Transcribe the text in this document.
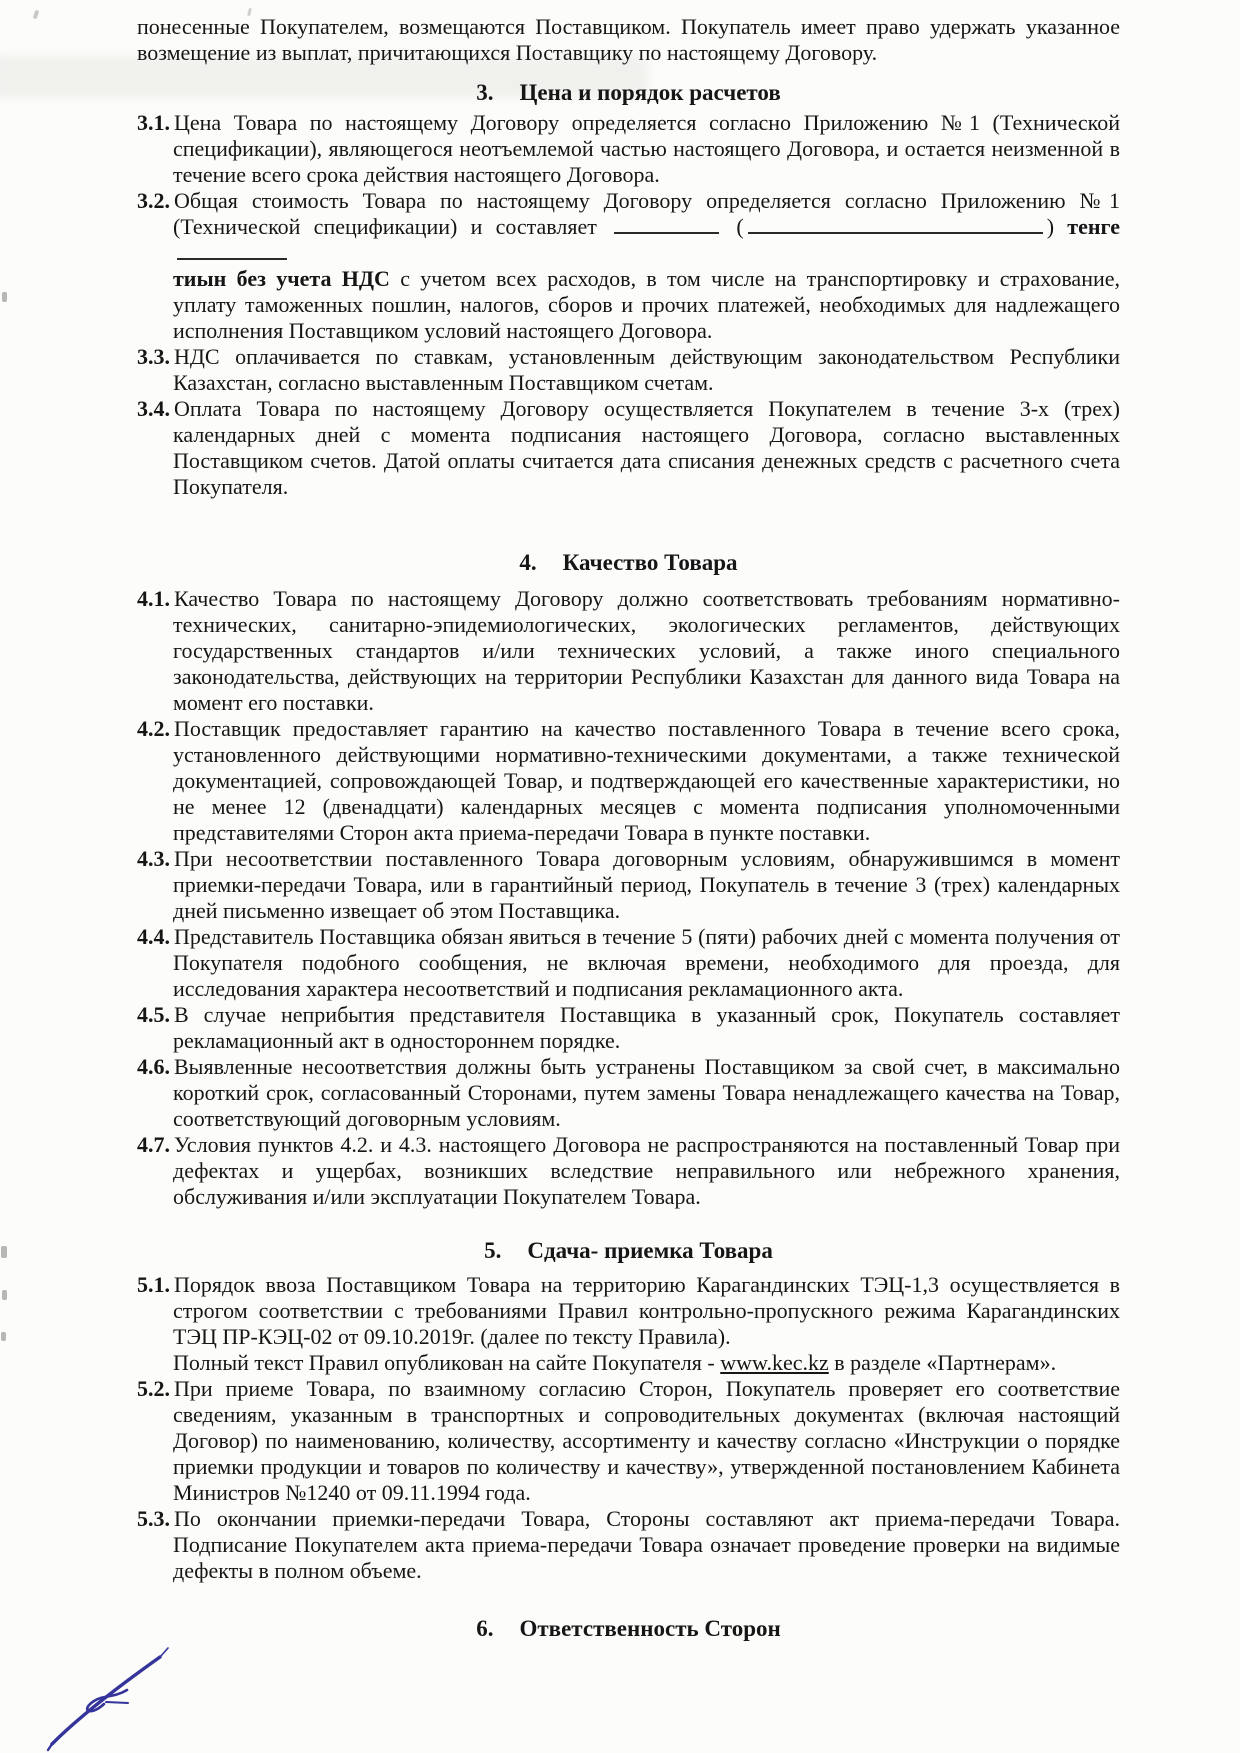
понесенные Покупателем, возмещаются Поставщиком. Покупатель имеет право удержать указанное возмещение из выплат, причитающихся Поставщику по настоящему Договору.

3. Цена и порядок расчетов
3.1. Цена Товара по настоящему Договору определяется согласно Приложению №1 (Технической спецификации), являющегося неотъемлемой частью настоящего Договора, и остается неизменной в течение всего срока действия настоящего Договора.
3.2. Общая стоимость Товара по настоящему Договору определяется согласно Приложению №1 (Технической спецификации) и составляет	(	) тенге
тиын без учета НДС с учетом всех расходов, в том числе на транспортировку и страхование, уплату таможенных пошлин, налогов, сборов и прочих платежей, необходимых для надлежащего исполнения Поставщиком условий настоящего Договора.
3.3. НДС оплачивается по ставкам, установленным действующим законодательством Республики Казахстан, согласно выставленным Поставщиком счетам.
3.4. Оплата Товара по настоящему Договору осуществляется Покупателем в течение 3-х (трех) календарных дней с момента подписания настоящего Договора, согласно выставленных Поставщиком счетов. Датой оплаты считается дата списания денежных средств с расчетного счета Покупателя.
4. Качество Товара
4.1. Качество Товара по настоящему Договору должно соответствовать требованиям нормативно-технических, санитарно-эпидемиологических, экологических регламентов, действующих государственных стандартов и/или технических условий, а также иного специального законодательства, действующих на территории Республики Казахстан для данного вида Товара на момент его поставки.
4.2. Поставщик предоставляет гарантию на качество поставленного Товара в течение всего срока, установленного действующими нормативно-техническими документами, а также технической документацией, сопровождающей Товар, и подтверждающей его качественные характеристики, но не менее 12 (двенадцати) календарных месяцев с момента подписания уполномоченными представителями Сторон акта приема-передачи Товара в пункте поставки.
4.3. При несоответствии поставленного Товара договорным условиям, обнаружившимся в момент приемки-передачи Товара, или в гарантийный период, Покупатель в течение 3 (трех) календарных дней письменно извещает об этом Поставщика.
4.4. Представитель Поставщика обязан явиться в течение 5 (пяти) рабочих дней с момента получения от Покупателя подобного сообщения, не включая времени, необходимого для проезда, для исследования характера несоответствий и подписания рекламационного акта.
4.5. В случае неприбытия представителя Поставщика в указанный срок, Покупатель составляет рекламационный акт в одностороннем порядке.
4.6. Выявленные несоответствия должны быть устранены Поставщиком за свой счет, в максимально короткий срок, согласованный Сторонами, путем замены Товара ненадлежащего качества на Товар, соответствующий договорным условиям.
4.7. Условия пунктов 4.2. и 4.3. настоящего Договора не распространяются на поставленный Товар при дефектах и ущербах, возникших вследствие неправильного или небрежного хранения, обслуживания и/или эксплуатации Покупателем Товара.
5. Сдача- приемка Товара
5.1. Порядок ввоза Поставщиком Товара на территорию Карагандинских ТЭЦ-1,3 осуществляется в строгом соответствии с требованиями Правил контрольно-пропускного режима Карагандинских ТЭЦ ПР-КЭЦ-02 от 09.10.2019г. (далее по тексту Правила).
Полный текст Правил опубликован на сайте Покупателя - www.kec.kz в разделе «Партнерам».
5.2. При приеме Товара, по взаимному согласию Сторон, Покупатель проверяет его соответствие сведениям, указанным в транспортных и сопроводительных документах (включая настоящий Договор) по наименованию, количеству, ассортименту и качеству согласно «Инструкции о порядке приемки продукции и товаров по количеству и качеству», утвержденной постановлением Кабинета Министров №1240 от 09.11.1994 года.
5.3. По окончании приемки-передачи Товара, Стороны составляют акт приема-передачи Товара. Подписание Покупателем акта приема-передачи Товара означает проведение проверки на видимые дефекты в полном объеме.
6. Ответственность Сторон
